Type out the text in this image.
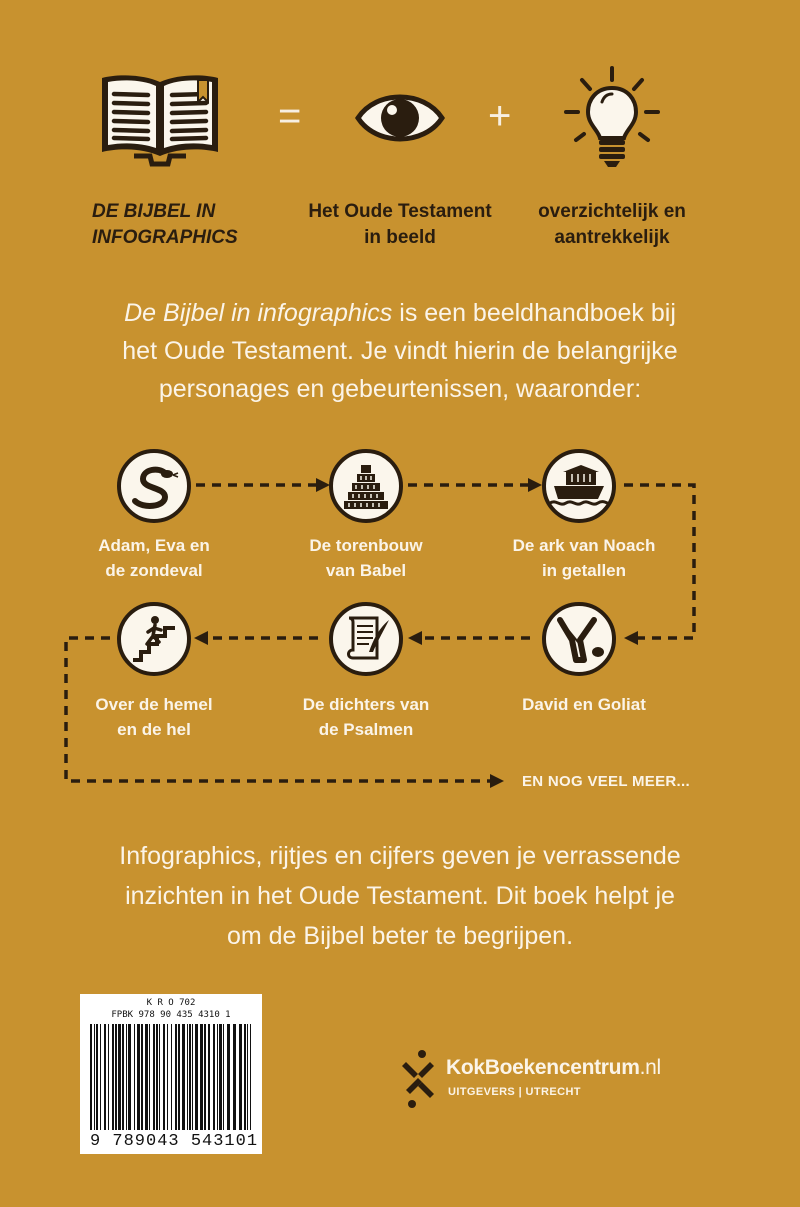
=	+
DE BIJBEL IN
INFOGRAPHICS
Het Oude Testament
in beeld
overzichtelijk en
aantrekkelijk
De Bijbel in infographics is een beeldhandboek bij
het Oude Testament. Je vindt hierin de belangrijke
personages en gebeurtenissen, waaronder:
Adam, Eva en
de zondeval
De torenbouw
van Babel
De ark van Noach
in getallen
David en Goliat
De dichters van
de Psalmen
Over de hemel
en de hel
EN NOG VEEL MEER...
Infographics, rijtjes en cijfers geven je verrassende
inzichten in het Oude Testament. Dit boek helpt je
om de Bijbel beter te begrijpen.
K R O 702
FPBK 978 90 435 4310 1
9 789043 543101
KokBoekencentrum.nl
UITGEVERS | UTRECHT
